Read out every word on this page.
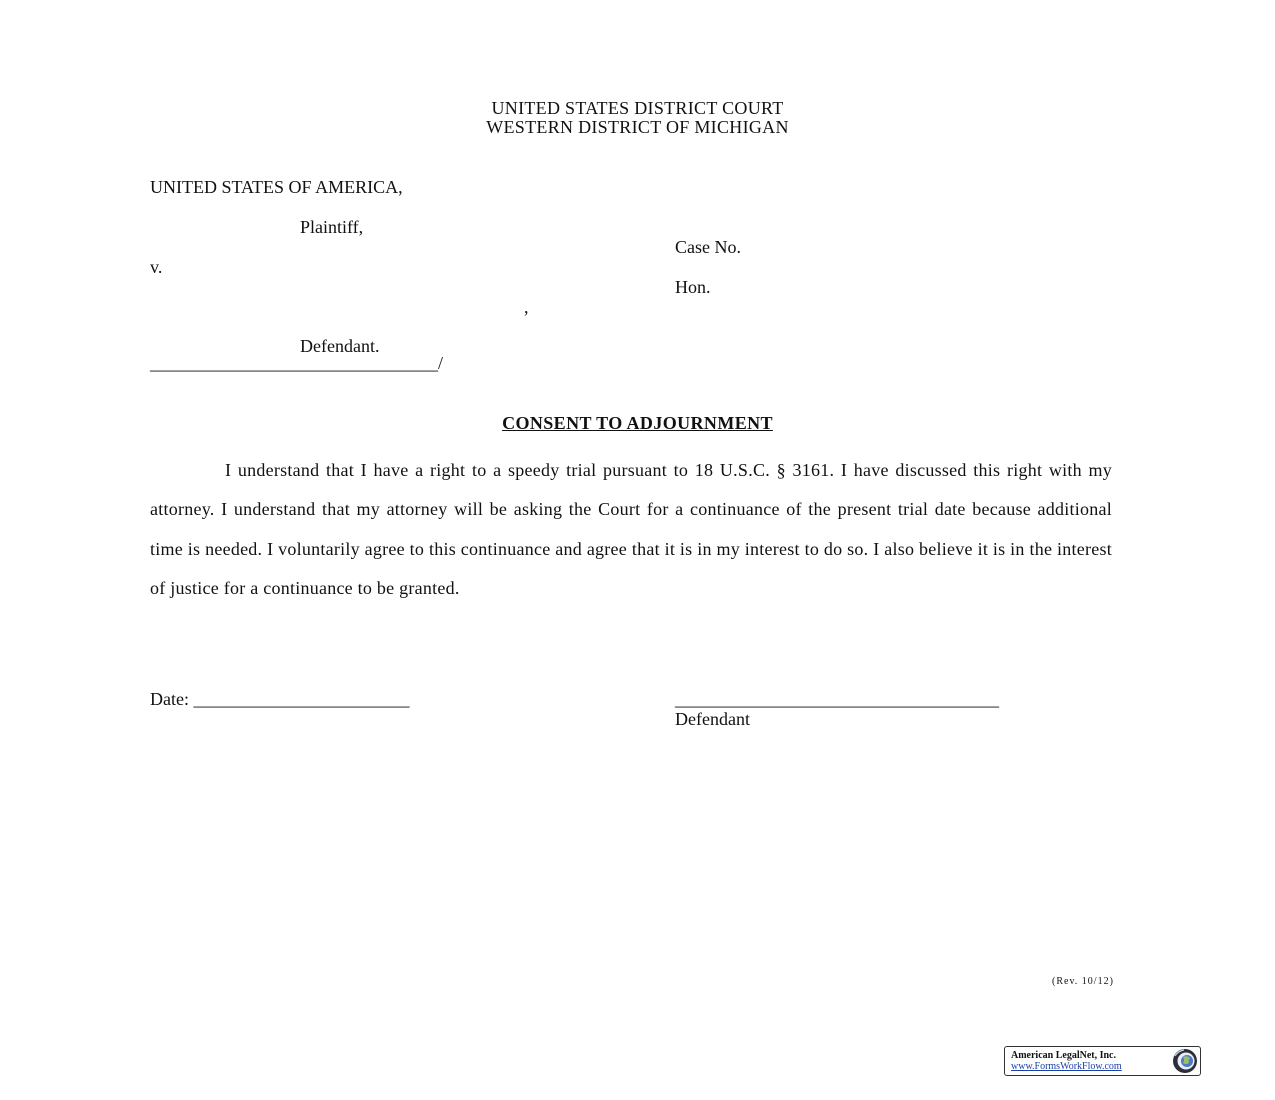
UNITED STATES DISTRICT COURT
WESTERN DISTRICT OF MICHIGAN
UNITED STATES OF AMERICA,
Plaintiff,
v.
,
Defendant.
________________________________/
Case No.
Hon.
CONSENT TO ADJOURNMENT
I understand that I have a right to a speedy trial pursuant to 18 U.S.C. § 3161. I have discussed this right with my attorney. I understand that my attorney will be asking the Court for a continuance of the present trial date because additional time is needed. I voluntarily agree to this continuance and agree that it is in my interest to do so. I also believe it is in the interest of justice for a continuance to be granted.
Date: ________________________	____________________________________
Defendant
(Rev. 10/12)
American LegalNet, Inc.
www.FormsWorkFlow.com
